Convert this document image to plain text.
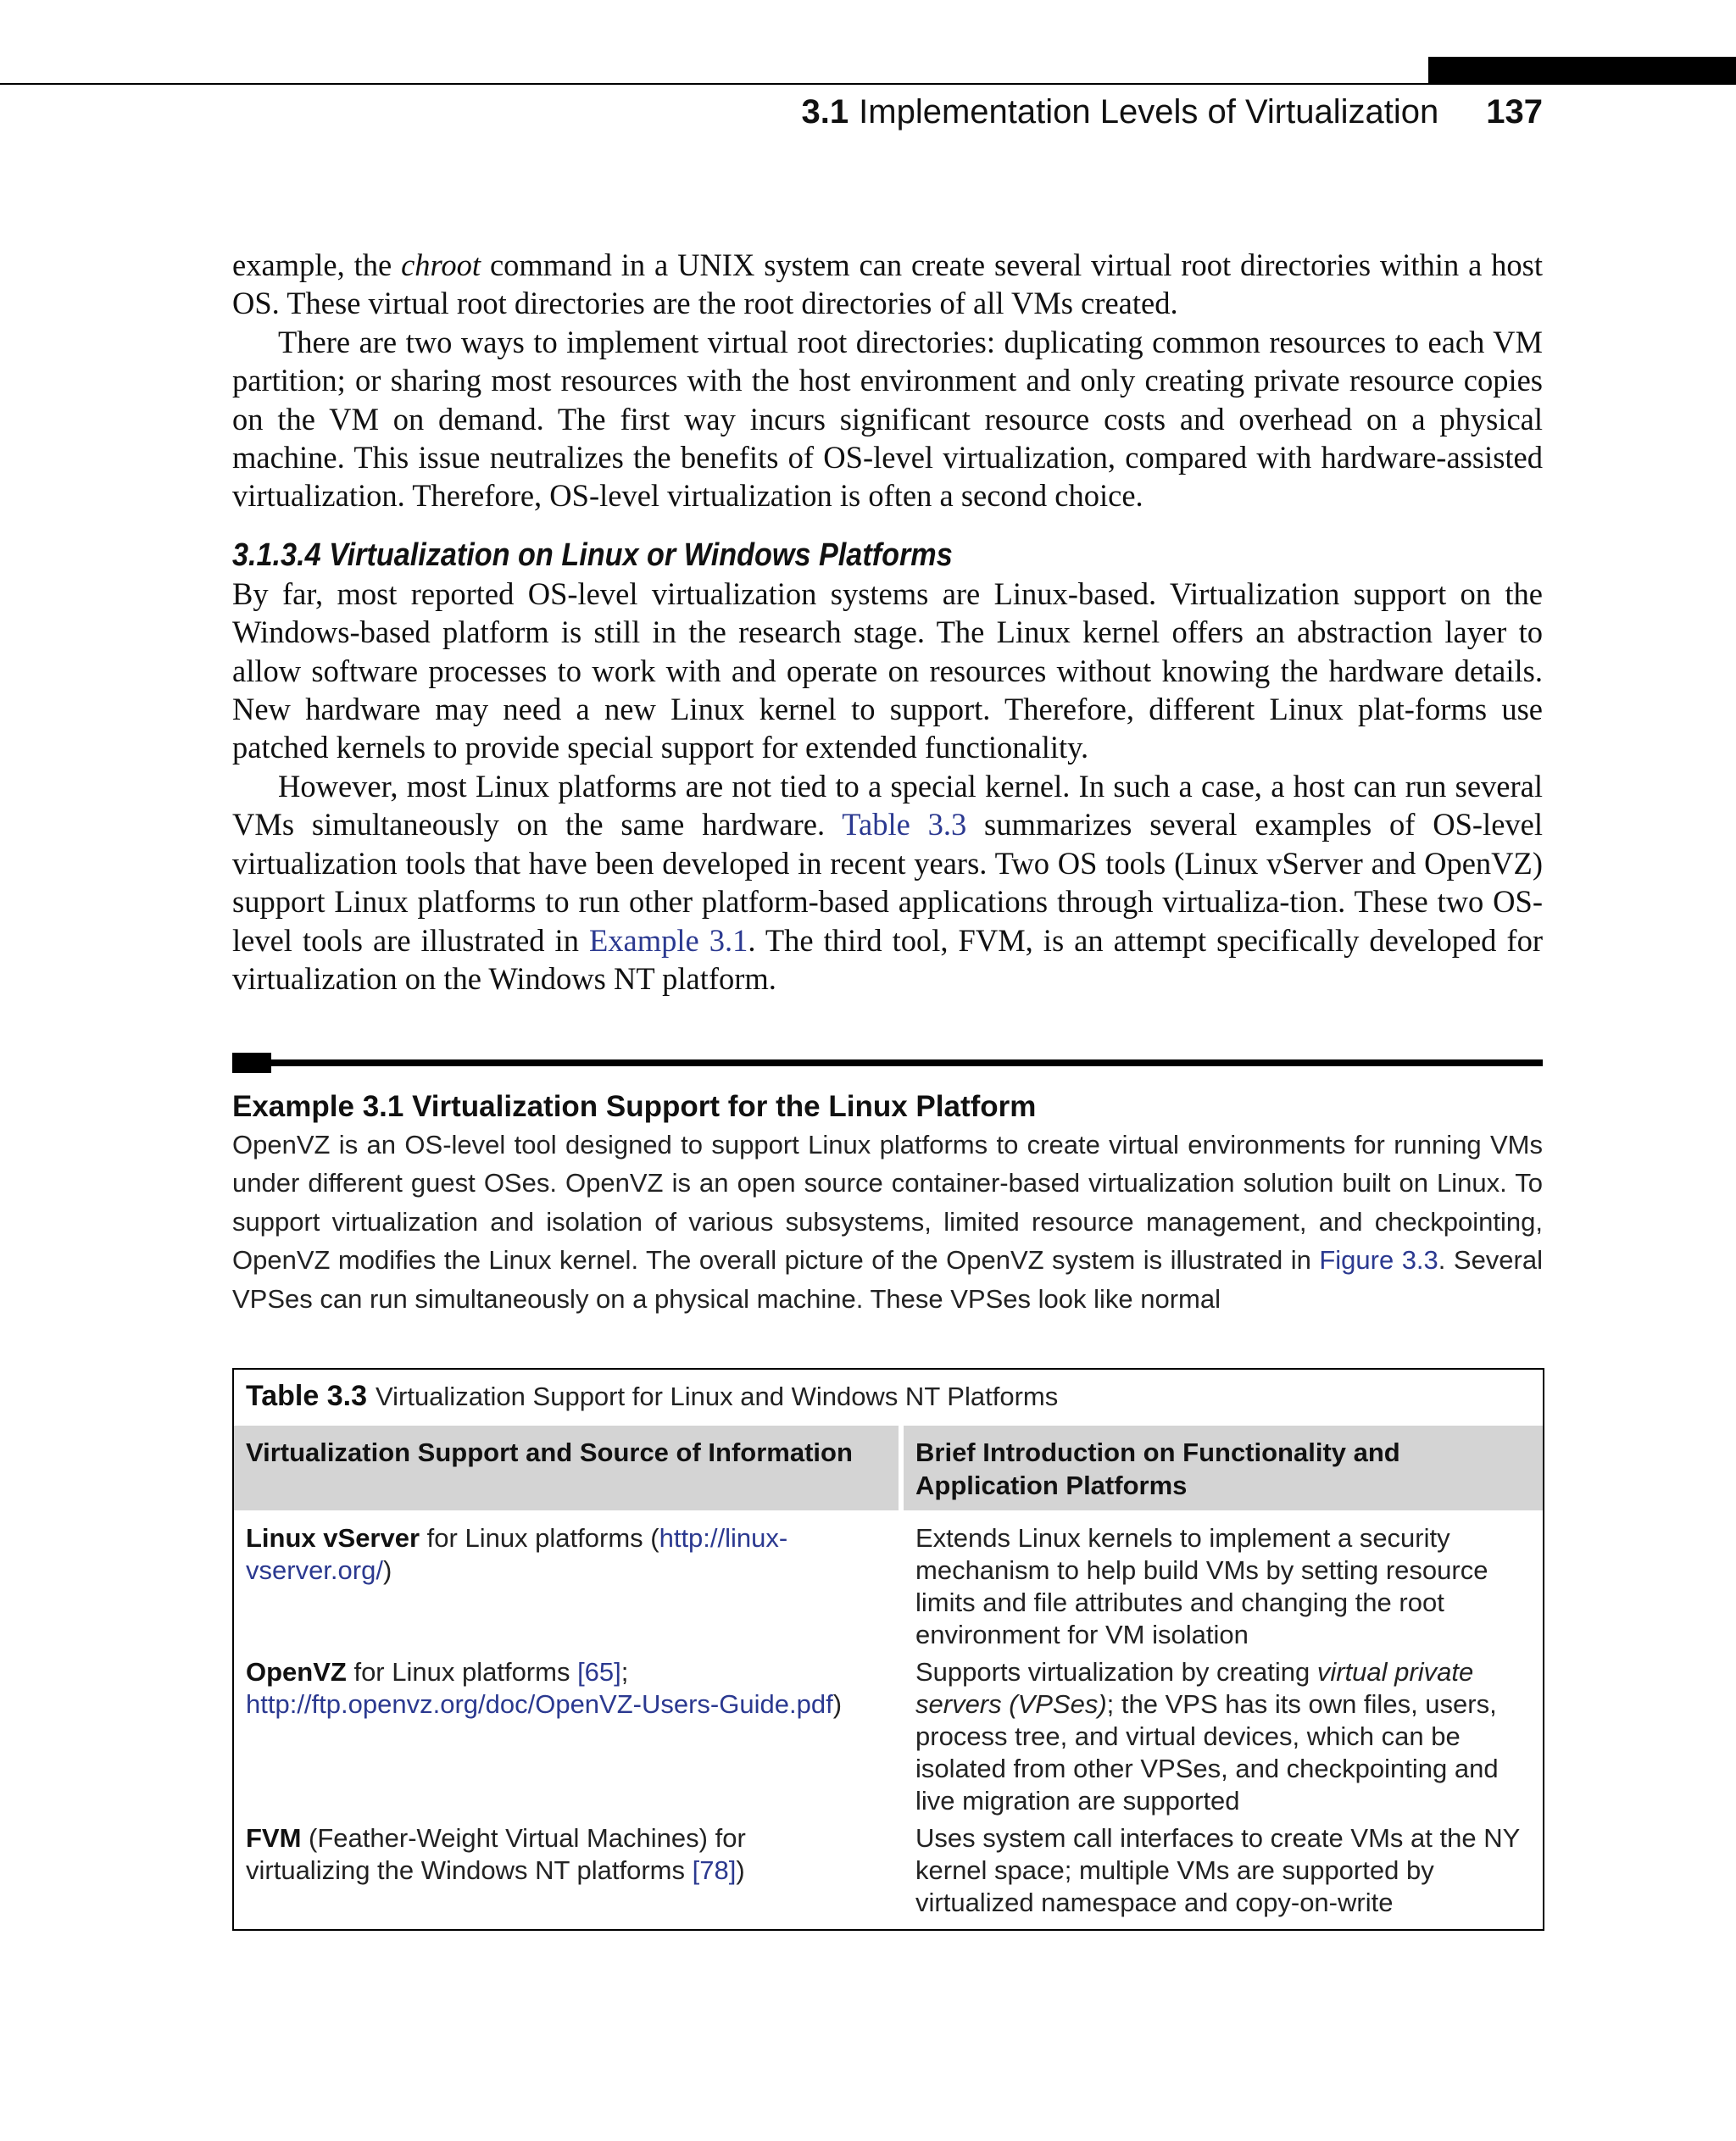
3.1 Implementation Levels of Virtualization 137

example, the chroot command in a UNIX system can create several virtual root directories within a host OS. These virtual root directories are the root directories of all VMs created.

There are two ways to implement virtual root directories: duplicating common resources to each VM partition; or sharing most resources with the host environment and only creating private resource copies on the VM on demand. The first way incurs significant resource costs and overhead on a physical machine. This issue neutralizes the benefits of OS-level virtualization, compared with hardware-assisted virtualization. Therefore, OS-level virtualization is often a second choice.

3.1.3.4 Virtualization on Linux or Windows Platforms

By far, most reported OS-level virtualization systems are Linux-based. Virtualization support on the Windows-based platform is still in the research stage. The Linux kernel offers an abstraction layer to allow software processes to work with and operate on resources without knowing the hardware details. New hardware may need a new Linux kernel to support. Therefore, different Linux plat-forms use patched kernels to provide special support for extended functionality.

However, most Linux platforms are not tied to a special kernel. In such a case, a host can run several VMs simultaneously on the same hardware. Table 3.3 summarizes several examples of OS-level virtualization tools that have been developed in recent years. Two OS tools (Linux vServer and OpenVZ) support Linux platforms to run other platform-based applications through virtualiza-tion. These two OS-level tools are illustrated in Example 3.1. The third tool, FVM, is an attempt specifically developed for virtualization on the Windows NT platform.

Example 3.1 Virtualization Support for the Linux Platform

OpenVZ is an OS-level tool designed to support Linux platforms to create virtual environments for running VMs under different guest OSes. OpenVZ is an open source container-based virtualization solution built on Linux. To support virtualization and isolation of various subsystems, limited resource management, and checkpointing, OpenVZ modifies the Linux kernel. The overall picture of the OpenVZ system is illustrated in Figure 3.3. Several VPSes can run simultaneously on a physical machine. These VPSes look like normal

Table 3.3 Virtualization Support for Linux and Windows NT Platforms
Virtualization Support and Source of Information	Brief Introduction on Functionality and Application Platforms
Linux vServer for Linux platforms (http://linux-vserver.org/)
Extends Linux kernels to implement a security mechanism to help build VMs by setting resource limits and file attributes and changing the root environment for VM isolation
OpenVZ for Linux platforms [65]; http://ftp.openvz.org/doc/OpenVZ-Users-Guide.pdf)
Supports virtualization by creating virtual private servers (VPSes); the VPS has its own files, users, process tree, and virtual devices, which can be isolated from other VPSes, and checkpointing and live migration are supported
FVM (Feather-Weight Virtual Machines) for virtualizing the Windows NT platforms [78])
Uses system call interfaces to create VMs at the NY kernel space; multiple VMs are supported by virtualized namespace and copy-on-write
